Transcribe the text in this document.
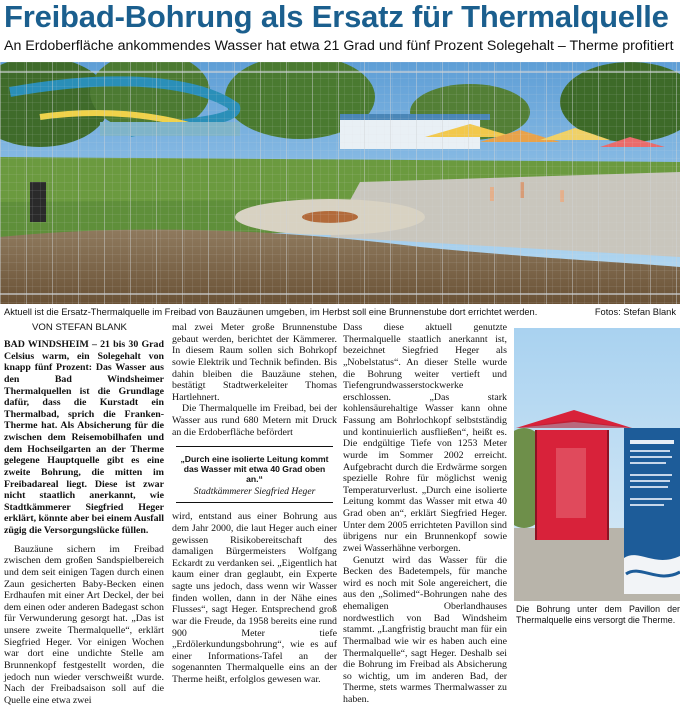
Freibad-Bohrung als Ersatz für Thermalquelle
An Erdoberfläche ankommendes Wasser hat etwa 21 Grad und fünf Prozent Solegehalt – Therme profitiert
Aktuell ist die Ersatz-Thermalquelle im Freibad von Bauzäunen umgeben, im Herbst soll eine Brunnenstube dort errichtet werden.	Fotos: Stefan Blank
VON STEFAN BLANK

BAD WINDSHEIM – 21 bis 30 Grad Celsius warm, ein Solegehalt von knapp fünf Prozent: Das Wasser aus den Bad Windsheimer Thermalquellen ist die Grundlage dafür, dass die Kurstadt ein Thermalbad, sprich die Franken-Therme hat. Als Absicherung für die zwischen dem Reisemobilhafen und dem Hochseilgarten an der Therme gelegene Hauptquelle gibt es eine zweite Bohrung, die mitten im Freibadareal liegt. Diese ist zwar nicht staatlich anerkannt, wie Stadtkämmerer Siegfried Heger erklärt, könnte aber bei einem Ausfall zügig die Versorgungslücke füllen.

Bauzäune sichern im Freibad zwischen dem großen Sandspielbereich und dem seit einigen Tagen durch einen Zaun gesicherten Baby-Becken einen Erdhaufen mit einer Art Deckel, der bei dem einen oder anderen Badegast schon für Verwunderung gesorgt hat. „Das ist unsere zweite Thermalquelle“, erklärt Siegfried Heger. Vor einigen Wochen war dort eine undichte Stelle am Brunnenkopf festgestellt worden, die jedoch nun wieder verschweißt wurde. Nach der Freibadsaison soll auf die Quelle eine etwa zwei

mal zwei Meter große Brunnenstube gebaut werden, berichtet der Kämmerer. In diesem Raum sollen sich Bohrkopf sowie Elektrik und Technik befinden. Bis dahin bleiben die Bauzäune stehen, bestätigt Stadtwerkeleiter Thomas Hartlehnert.

Die Thermalquelle im Freibad, bei der Wasser aus rund 680 Metern mit Druck an die Erdoberfläche befördert

„Durch eine isolierte Leitung kommt das Wasser mit etwa 40 Grad oben an.“
Stadtkämmerer Siegfried Heger

wird, entstand aus einer Bohrung aus dem Jahr 2000, die laut Heger auch einer gewissen Risikobereitschaft des damaligen Bürgermeisters Wolfgang Eckardt zu verdanken sei. „Eigentlich hat kaum einer dran geglaubt, ein Experte sagte uns jedoch, dass wenn wir Wasser finden wollen, dann in der Nähe eines Flusses“, sagt Heger. Entsprechend groß war die Freude, da 1958 bereits eine rund 900 Meter tiefe „Erdölerkundungsbohrung“, wie es auf einer Informations-Tafel an der sogenannten Thermalquelle eins an der Therme heißt, erfolglos gewesen war.

Dass diese aktuell genutzte Thermalquelle staatlich anerkannt ist, bezeichnet Siegfried Heger als „Nobelstatus“. An dieser Stelle wurde die Bohrung weiter vertieft und Tiefengrundwasserstockwerke erschlossen. „Das stark kohlensäurehaltige Wasser kann ohne Fassung am Bohrlochkopf selbstständig und kontinuierlich ausfließen“, heißt es. Die endgültige Tiefe von 1253 Meter wurde im Sommer 2002 erreicht. Aufgebracht durch die Erdwärme sorgen spezielle Rohre für möglichst wenig Temperaturverlust. „Durch eine isolierte Leitung kommt das Wasser mit etwa 40 Grad oben an“, erklärt Siegfried Heger. Unter dem 2005 errichteten Pavillon sind übrigens nur ein Brunnenkopf sowie zwei Wasserhähne verborgen.

Genutzt wird das Wasser für die Becken des Badetempels, für manche wird es noch mit Sole angereichert, die aus den „Solimed“-Bohrungen nahe des ehemaligen Oberlandhauses nordwestlich von Bad Windsheim stammt. „Langfristig braucht man für ein Thermalbad wie wir es haben auch eine Thermalquelle“, sagt Heger. Deshalb sei die Bohrung im Freibad als Absicherung so wichtig, um im anderen Bad, der Therme, stets warmes Thermalwasser zu haben.

Die Bohrung unter dem Pavillon der Thermalquelle eins versorgt die Therme.
